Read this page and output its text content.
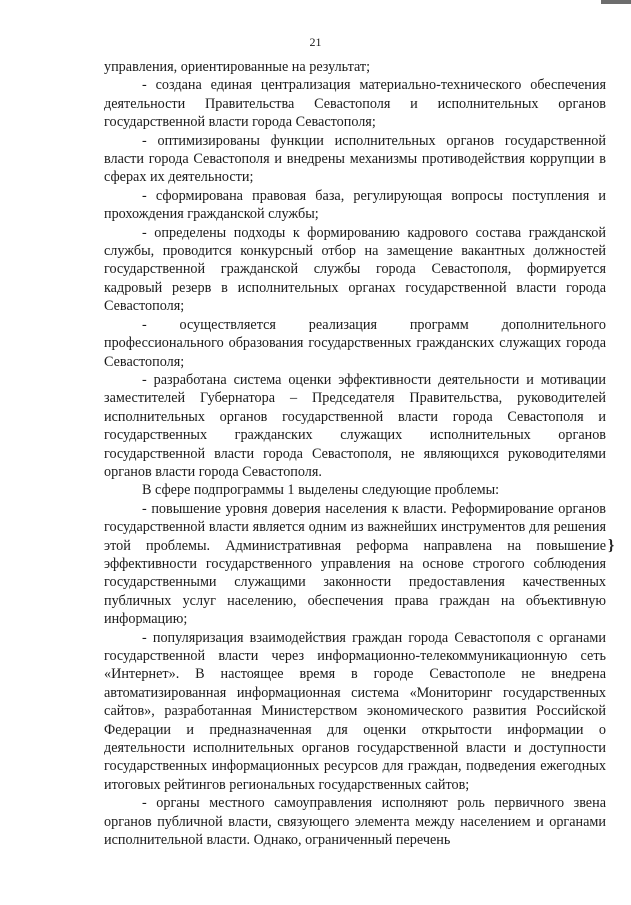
21

управления, ориентированные на результат;

- создана единая централизация материально-технического обеспечения деятельности Правительства Севастополя и исполнительных органов государственной власти города Севастополя;

- оптимизированы функции исполнительных органов государственной власти города Севастополя и внедрены механизмы противодействия коррупции в сферах их деятельности;

- сформирована правовая база, регулирующая вопросы поступления и прохождения гражданской службы;

- определены подходы к формированию кадрового состава гражданской службы, проводится конкурсный отбор на замещение вакантных должностей государственной гражданской службы города Севастополя, формируется кадровый резерв в исполнительных органах государственной власти города Севастополя;

- осуществляется реализация программ дополнительного профессионального образования государственных гражданских служащих города Севастополя;

- разработана система оценки эффективности деятельности и мотивации заместителей Губернатора – Председателя Правительства, руководителей исполнительных органов государственной власти города Севастополя и государственных гражданских служащих исполнительных органов государственной власти города Севастополя, не являющихся руководителями органов власти города Севастополя.

В сфере подпрограммы 1 выделены следующие проблемы:

- повышение уровня доверия населения к власти. Реформирование органов государственной власти является одним из важнейших инструментов для решения этой проблемы. Административная реформа направлена на повышение эффективности государственного управления на основе строгого соблюдения государственными служащими законности предоставления качественных публичных услуг населению, обеспечения права граждан на объективную информацию;

- популяризация взаимодействия граждан города Севастополя с органами государственной власти через информационно-телекоммуникационную сеть «Интернет». В настоящее время в городе Севастополе не внедрена автоматизированная информационная система «Мониторинг государственных сайтов», разработанная Министерством экономического развития Российской Федерации и предназначенная для оценки открытости информации о деятельности исполнительных органов государственной власти и доступности государственных информационных ресурсов для граждан, подведения ежегодных итоговых рейтингов региональных государственных сайтов;

- органы местного самоуправления исполняют роль первичного звена органов публичной власти, связующего элемента между населением и органами исполнительной власти. Однако, ограниченный перечень

}
